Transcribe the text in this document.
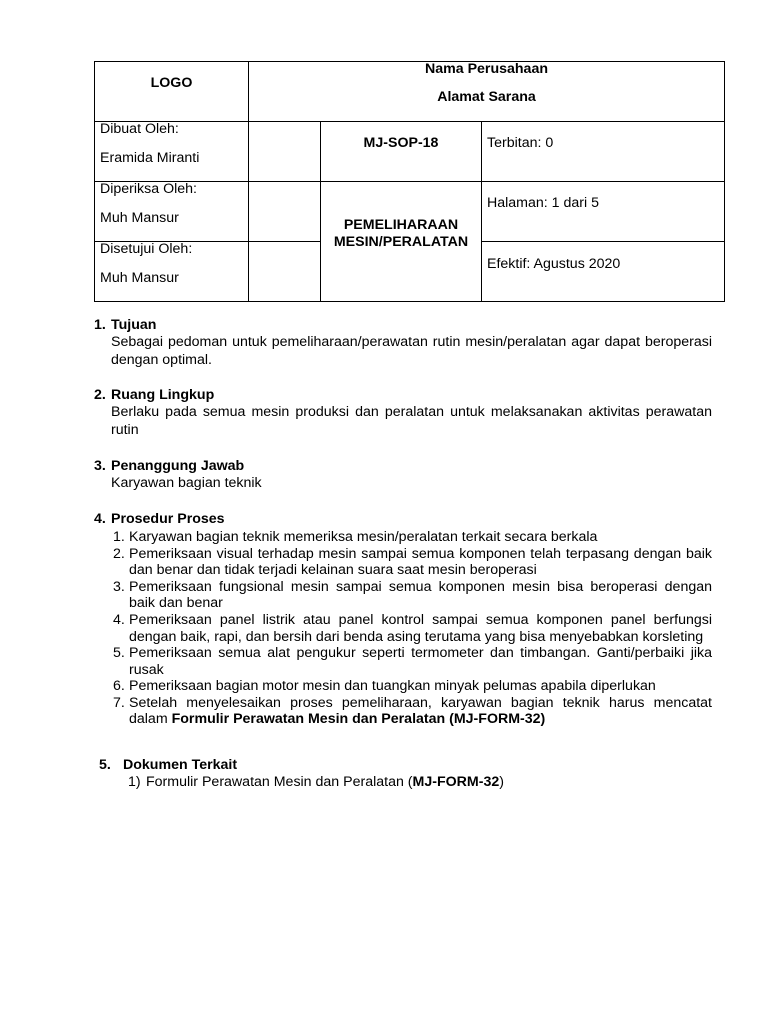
LOGO
Nama Perusahaan
Alamat Sarana
Dibuat Oleh:
Eramida Miranti
MJ-SOP-18	Terbitan: 0
Diperiksa Oleh:
Muh Mansur	PEMELIHARAAN
MESIN/PERALATAN
Halaman: 1 dari 5
Disetujui Oleh:
Muh Mansur
Efektif: Agustus 2020
1. Tujuan
Sebagai pedoman untuk pemeliharaan/perawatan rutin mesin/peralatan agar dapat beroperasi
dengan optimal.
2. Ruang Lingkup
Berlaku pada semua mesin produksi dan peralatan untuk melaksanakan aktivitas perawatan
rutin
3. Penanggung Jawab
Karyawan bagian teknik
4. Prosedur Proses
1. Karyawan bagian teknik memeriksa mesin/peralatan terkait secara berkala
2. Pemeriksaan visual terhadap mesin sampai semua komponen telah terpasang dengan baik
dan benar dan tidak terjadi kelainan suara saat mesin beroperasi
3. Pemeriksaan fungsional mesin sampai semua komponen mesin bisa beroperasi dengan
baik dan benar
4. Pemeriksaan panel listrik atau panel kontrol sampai semua komponen panel berfungsi
dengan baik, rapi, dan bersih dari benda asing terutama yang bisa menyebabkan korsleting
5. Pemeriksaan semua alat pengukur seperti termometer dan timbangan. Ganti/perbaiki jika
rusak
6. Pemeriksaan bagian motor mesin dan tuangkan minyak pelumas apabila diperlukan
7. Setelah menyelesaikan proses pemeliharaan, karyawan bagian teknik harus mencatat
dalam Formulir Perawatan Mesin dan Peralatan (MJ-FORM-32)
5. Dokumen Terkait
1) Formulir Perawatan Mesin dan Peralatan (MJ-FORM-32)
